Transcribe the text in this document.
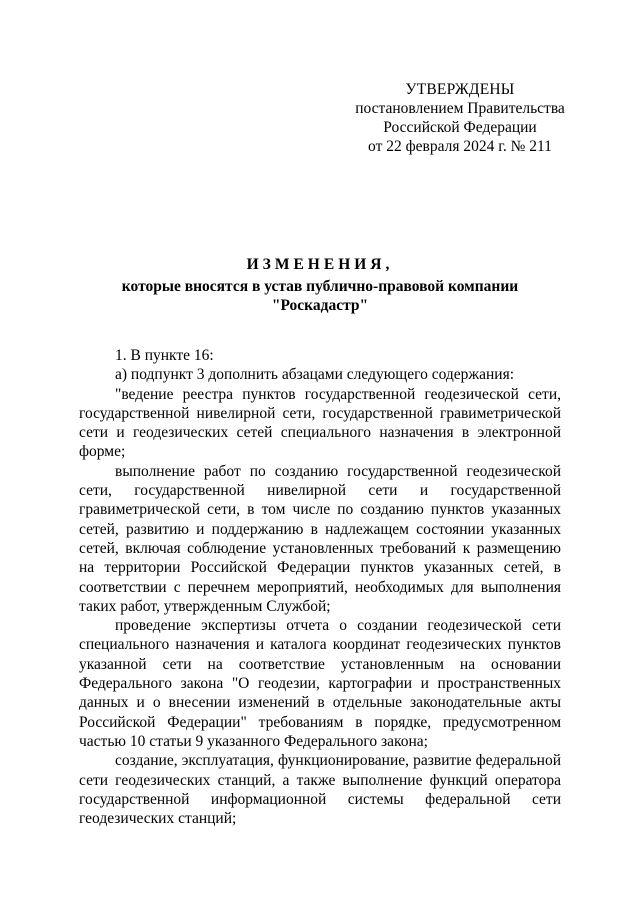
УТВЕРЖДЕНЫ
постановлением Правительства
Российской Федерации
от 22 февраля 2024 г. № 211
ИЗМЕНЕНИЯ,
которые вносятся в устав публично-правовой компании
"Роскадастр"

1. В пункте 16:

а) подпункт 3 дополнить абзацами следующего содержания:

"ведение реестра пунктов государственной геодезической сети, государственной нивелирной сети, государственной гравиметрической сети и геодезических сетей специального назначения в электронной форме;

выполнение работ по созданию государственной геодезической сети, государственной нивелирной сети и государственной гравиметрической сети, в том числе по созданию пунктов указанных сетей, развитию и поддержанию в надлежащем состоянии указанных сетей, включая соблюдение установленных требований к размещению на территории Российской Федерации пунктов указанных сетей, в соответствии с перечнем мероприятий, необходимых для выполнения таких работ, утвержденным Службой;

проведение экспертизы отчета о создании геодезической сети специального назначения и каталога координат геодезических пунктов указанной сети на соответствие установленным на основании Федерального закона "О геодезии, картографии и пространственных данных и о внесении изменений в отдельные законодательные акты Российской Федерации" требованиям в порядке, предусмотренном частью 10 статьи 9 указанного Федерального закона;

создание, эксплуатация, функционирование, развитие федеральной сети геодезических станций, а также выполнение функций оператора государственной информационной системы федеральной сети геодезических станций;
